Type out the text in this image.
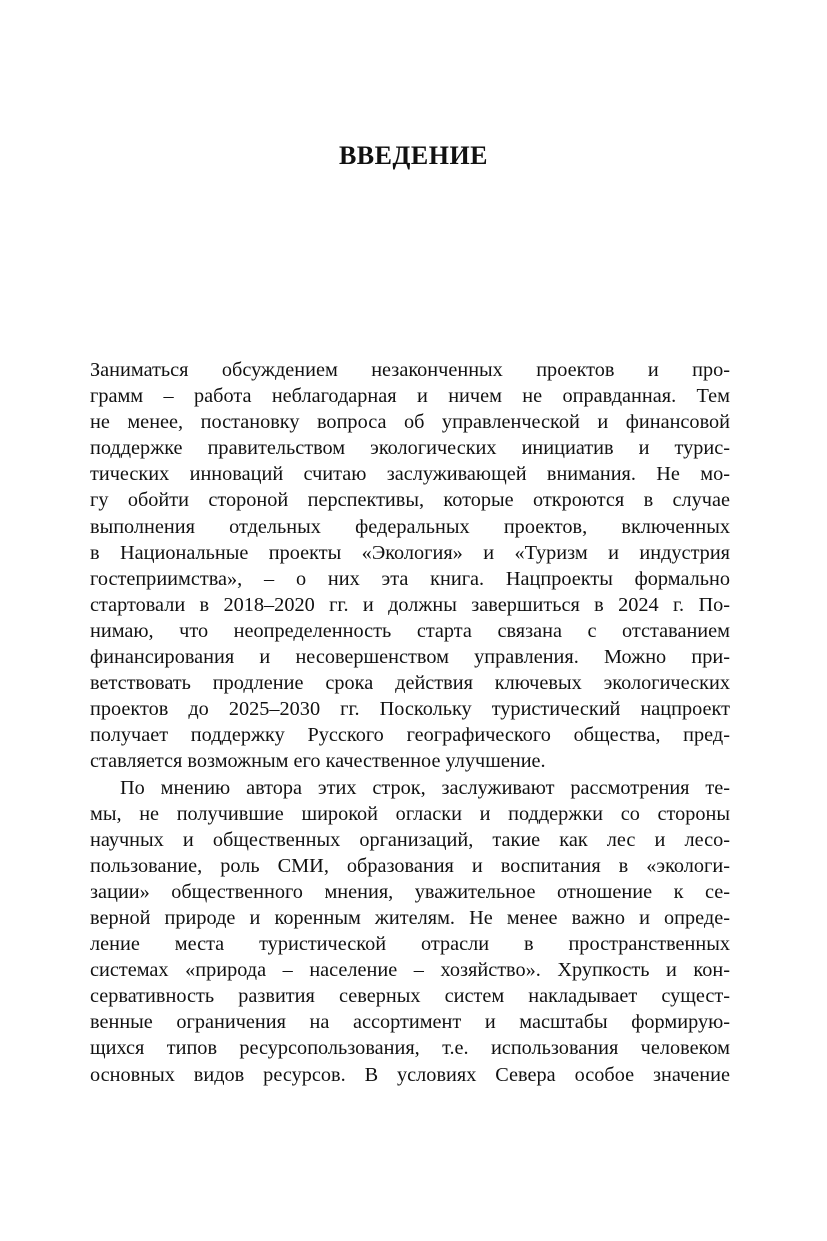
ВВЕДЕНИЕ
Заниматься обсуждением незаконченных проектов и про-
грамм – работа неблагодарная и ничем не оправданная. Тем
не менее, постановку вопроса об управленческой и финансовой
поддержке правительством экологических инициатив и турис-
тических инноваций считаю заслуживающей внимания. Не мо-
гу обойти стороной перспективы, которые откроются в случае
выполнения отдельных федеральных проектов, включенных
в Национальные проекты «Экология» и «Туризм и индустрия
гостеприимства», – о них эта книга. Нацпроекты формально
стартовали в 2018–2020 гг. и должны завершиться в 2024 г. По-
нимаю, что неопределенность старта связана с отставанием
финансирования и несовершенством управления. Можно при-
ветствовать продление срока действия ключевых экологических
проектов до 2025–2030 гг. Поскольку туристический нацпроект
получает поддержку Русского географического общества, пред-
ставляется возможным его качественное улучшение.
По мнению автора этих строк, заслуживают рассмотрения те-
мы, не получившие широкой огласки и поддержки со стороны
научных и общественных организаций, такие как лес и лесо-
пользование, роль СМИ, образования и воспитания в «экологи-
зации» общественного мнения, уважительное отношение к се-
верной природе и коренным жителям. Не менее важно и опреде-
ление места туристической отрасли в пространственных
системах «природа – население – хозяйство». Хрупкость и кон-
сервативность развития северных систем накладывает сущест-
венные ограничения на ассортимент и масштабы формирую-
щихся типов ресурсопользования, т.е. использования человеком
основных видов ресурсов. В условиях Севера особое значение
